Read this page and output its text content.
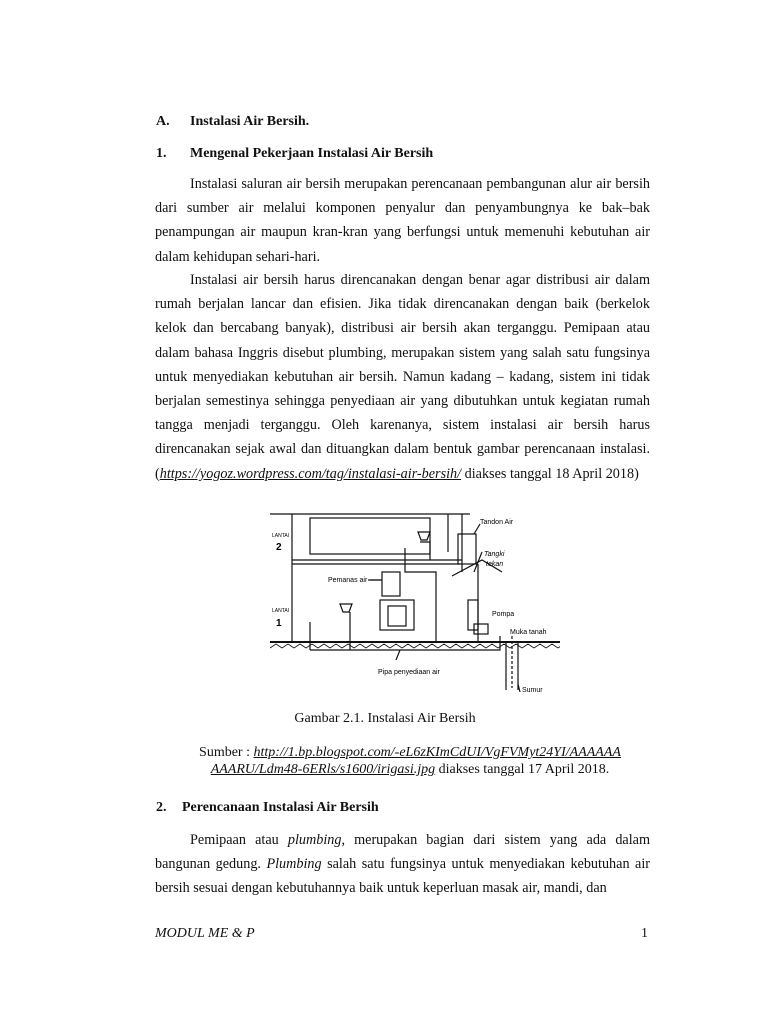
A. Instalasi Air Bersih.
1. Mengenal Pekerjaan Instalasi Air Bersih

Instalasi saluran air bersih merupakan perencanaan pembangunan alur air bersih dari sumber air melalui komponen penyalur dan penyambungnya ke bak–bak penampungan air maupun kran-kran yang berfungsi untuk memenuhi kebutuhan air dalam kehidupan sehari-hari.

Instalasi air bersih harus direncanakan dengan benar agar distribusi air dalam rumah berjalan lancar dan efisien. Jika tidak direncanakan dengan baik (berkelok kelok dan bercabang banyak), distribusi air bersih akan terganggu. Pemipaan atau dalam bahasa Inggris disebut plumbing, merupakan sistem yang salah satu fungsinya untuk menyediakan kebutuhan air bersih. Namun kadang – kadang, sistem ini tidak berjalan semestinya sehingga penyediaan air yang dibutuhkan untuk kegiatan rumah tangga menjadi terganggu. Oleh karenanya, sistem instalasi air bersih harus direncanakan sejak awal dan dituangkan dalam bentuk gambar perencanaan instalasi. (https://yogoz.wordpress.com/tag/instalasi-air-bersih/ diakses tanggal 18 April 2018)

LANTAI
2
LANTAI
1
Tandon Air
Tangki
tekan
Pemanas air
Pompa
Muka tanah
Pipa penyediaan air
Sumur
Gambar 2.1. Instalasi Air Bersih
Sumber : http://1.bp.blogspot.com/-eL6zKImCdUI/VgFVMyt24YI/AAAAAAAAARU/Ldm48-6ERls/s1600/irigasi.jpg diakses tanggal 17 April 2018.
2. Perencanaan Instalasi Air Bersih

Pemipaan atau plumbing, merupakan bagian dari sistem yang ada dalam bangunan gedung. Plumbing salah satu fungsinya untuk menyediakan kebutuhan air bersih sesuai dengan kebutuhannya baik untuk keperluan masak air, mandi, dan

MODUL ME & P	1
